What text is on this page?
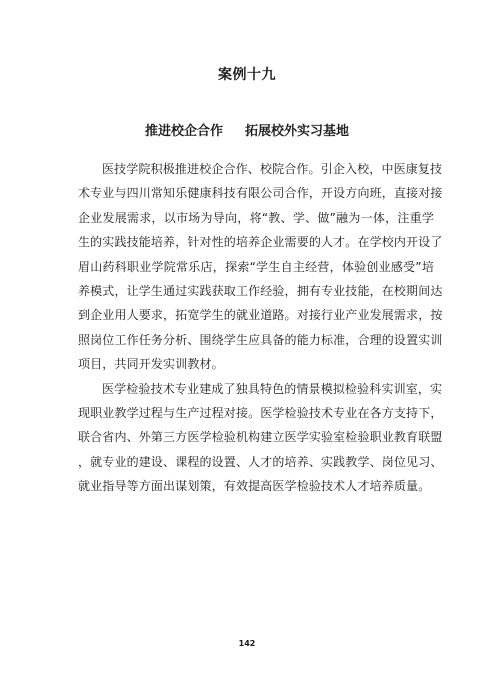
案例十九
推进校企合作 拓展校外实习基地
医技学院积极推进校企合作、校院合作。引企入校，中医康复技
术专业与四川常知乐健康科技有限公司合作，开设方向班，直接对接
企业发展需求，以市场为导向，将“教、学、做”融为一体，注重学
生的实践技能培养，针对性的培养企业需要的人才。在学校内开设了
眉山药科职业学院常乐店，探索“学生自主经营，体验创业感受”培
养模式，让学生通过实践获取工作经验，拥有专业技能，在校期间达
到企业用人要求，拓宽学生的就业道路。对接行业产业发展需求，按
照岗位工作任务分析、围绕学生应具备的能力标准，合理的设置实训
项目，共同开发实训教材。
医学检验技术专业建成了独具特色的情景模拟检验科实训室，实
现职业教学过程与生产过程对接。医学检验技术专业在各方支持下，
联合省内、外第三方医学检验机构建立医学实验室检验职业教育联盟
，就专业的建设、课程的设置、人才的培养、实践教学、岗位见习、
就业指导等方面出谋划策，有效提高医学检验技术人才培养质量。
142
